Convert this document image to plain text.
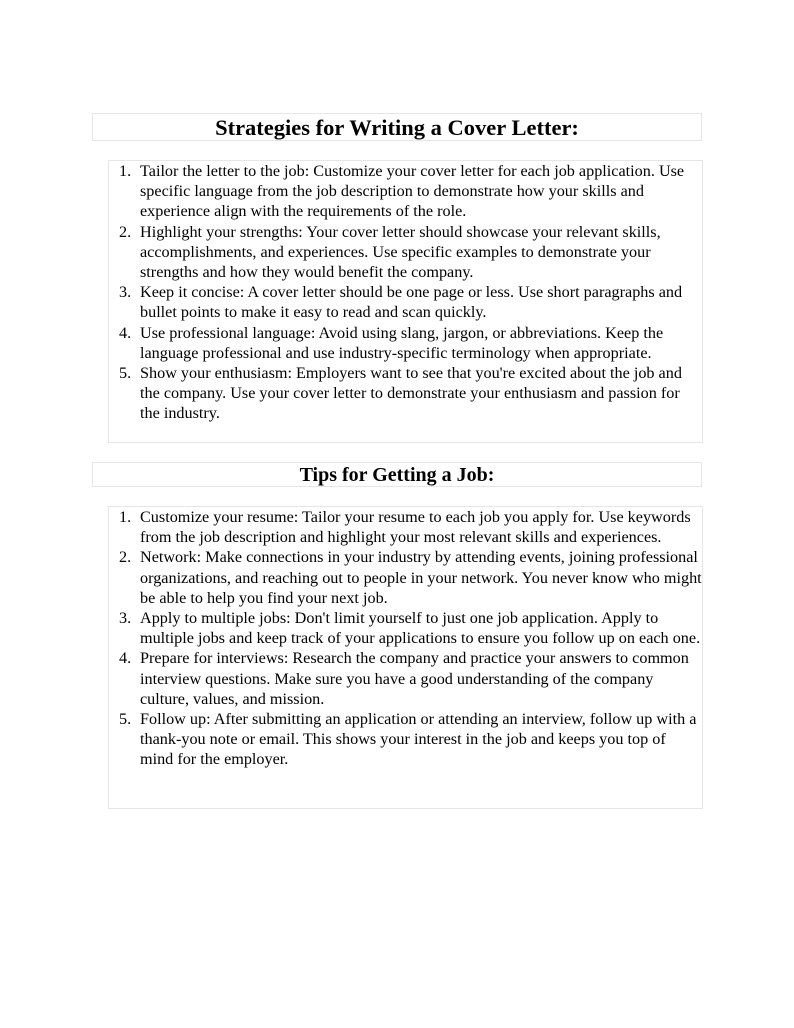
Strategies for Writing a Cover Letter:
1. Tailor the letter to the job: Customize your cover letter for each job application. Use specific language from the job description to demonstrate how your skills and experience align with the requirements of the role.
2. Highlight your strengths: Your cover letter should showcase your relevant skills, accomplishments, and experiences. Use specific examples to demonstrate your strengths and how they would benefit the company.
3. Keep it concise: A cover letter should be one page or less. Use short paragraphs and bullet points to make it easy to read and scan quickly.
4. Use professional language: Avoid using slang, jargon, or abbreviations. Keep the language professional and use industry-specific terminology when appropriate.
5. Show your enthusiasm: Employers want to see that you're excited about the job and the company. Use your cover letter to demonstrate your enthusiasm and passion for the industry.
Tips for Getting a Job:
1. Customize your resume: Tailor your resume to each job you apply for. Use keywords from the job description and highlight your most relevant skills and experiences.
2. Network: Make connections in your industry by attending events, joining professional organizations, and reaching out to people in your network. You never know who might be able to help you find your next job.
3. Apply to multiple jobs: Don't limit yourself to just one job application. Apply to multiple jobs and keep track of your applications to ensure you follow up on each one.
4. Prepare for interviews: Research the company and practice your answers to common interview questions. Make sure you have a good understanding of the company culture, values, and mission.
5. Follow up: After submitting an application or attending an interview, follow up with a thank-you note or email. This shows your interest in the job and keeps you top of mind for the employer.
